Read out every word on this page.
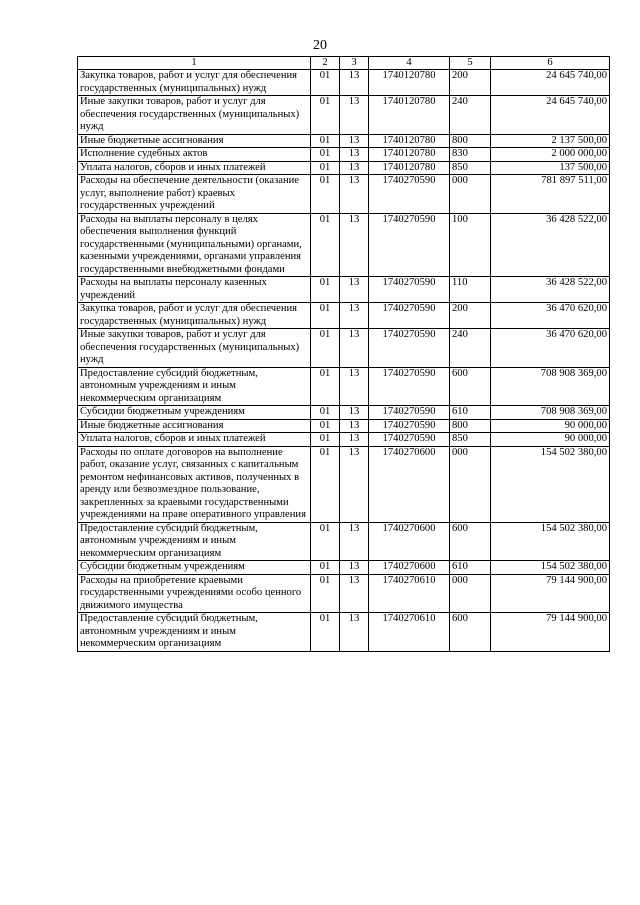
20
1	2	3	4	5	6
Закупка товаров, работ и услуг для обеспечения государственных (муниципальных) нужд	01	13	1740120780	200	24 645 740,00
Иные закупки товаров, работ и услуг для обеспечения государственных (муниципальных) нужд	01	13	1740120780	240	24 645 740,00
Иные бюджетные ассигнования	01	13	1740120780	800	2 137 500,00
Исполнение судебных актов	01	13	1740120780	830	2 000 000,00
Уплата налогов, сборов и иных платежей	01	13	1740120780	850	137 500,00
Расходы на обеспечение деятельности (оказание услуг, выполнение работ) краевых государственных учреждений	01	13	1740270590	000	781 897 511,00
Расходы на выплаты персоналу в целях обеспечения выполнения функций государственными (муниципальными) органами, казенными учреждениями, органами управления государственными внебюджетными фондами	01	13	1740270590	100	36 428 522,00
Расходы на выплаты персоналу казенных учреждений	01	13	1740270590	110	36 428 522,00
Закупка товаров, работ и услуг для обеспечения государственных (муниципальных) нужд	01	13	1740270590	200	36 470 620,00
Иные закупки товаров, работ и услуг для обеспечения государственных (муниципальных) нужд	01	13	1740270590	240	36 470 620,00
Предоставление субсидий бюджетным, автономным учреждениям и иным некоммерческим организациям	01	13	1740270590	600	708 908 369,00
Субсидии бюджетным учреждениям	01	13	1740270590	610	708 908 369,00
Иные бюджетные ассигнования	01	13	1740270590	800	90 000,00
Уплата налогов, сборов и иных платежей	01	13	1740270590	850	90 000,00
Расходы по оплате договоров на выполнение работ, оказание услуг, связанных с капитальным ремонтом нефинансовых активов, полученных в аренду или безвозмездное пользование, закрепленных за краевыми государственными учреждениями на праве оперативного управления	01	13	1740270600	000	154 502 380,00
Предоставление субсидий бюджетным, автономным учреждениям и иным некоммерческим организациям	01	13	1740270600	600	154 502 380,00
Субсидии бюджетным учреждениям	01	13	1740270600	610	154 502 380,00
Расходы на приобретение краевыми государственными учреждениями особо ценного движимого имущества	01	13	1740270610	000	79 144 900,00
Предоставление субсидий бюджетным, автономным учреждениям и иным некоммерческим организациям	01	13	1740270610	600	79 144 900,00
